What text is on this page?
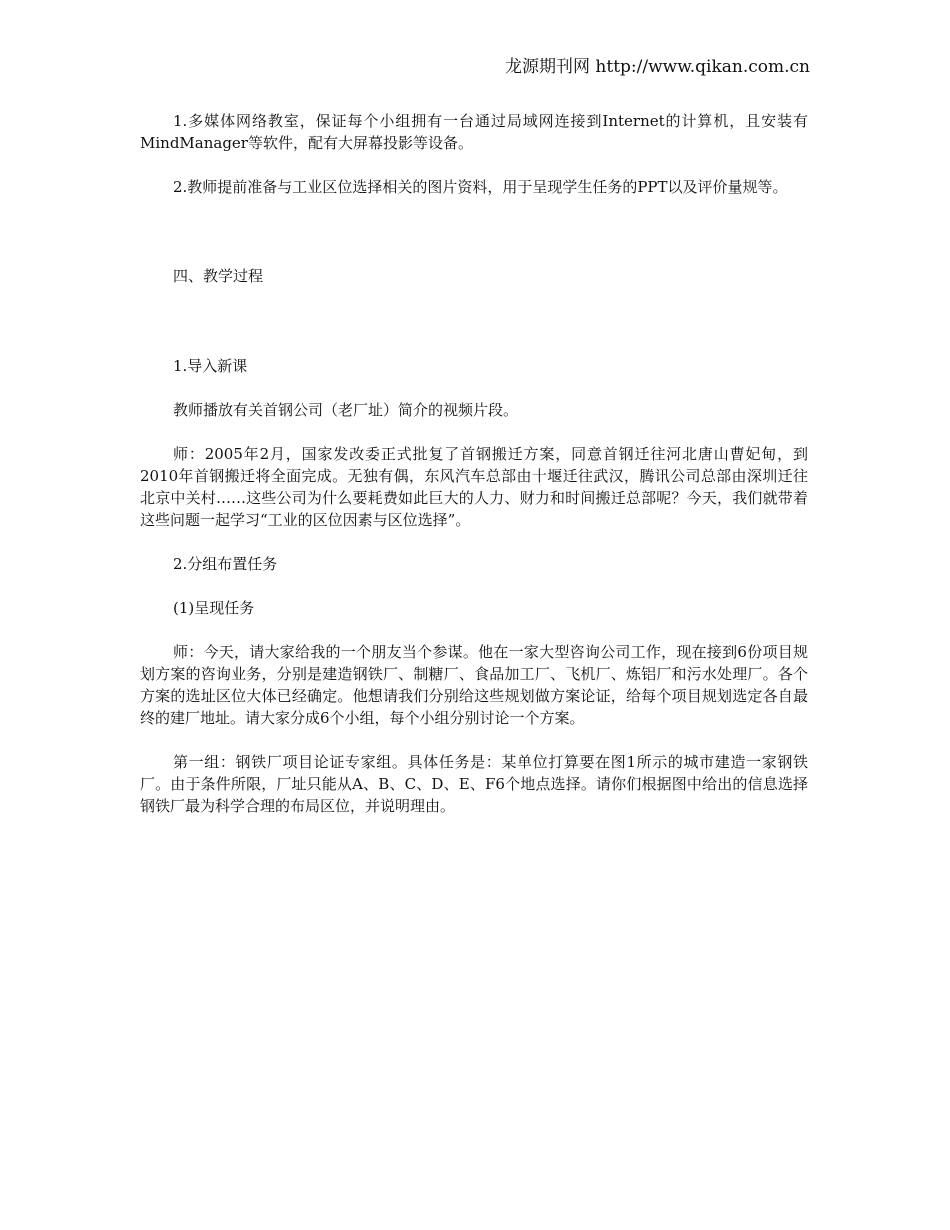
龙源期刊网 http://www.qikan.com.cn

1.多媒体网络教室，保证每个小组拥有一台通过局域网连接到Internet的计算机，且安装有MindManager等软件，配有大屏幕投影等设备。

2.教师提前准备与工业区位选择相关的图片资料，用于呈现学生任务的PPT以及评价量规等。

四、教学过程

1.导入新课

教师播放有关首钢公司（老厂址）简介的视频片段。

师：2005年2月，国家发改委正式批复了首钢搬迁方案，同意首钢迁往河北唐山曹妃甸，到2010年首钢搬迁将全面完成。无独有偶，东风汽车总部由十堰迁往武汉，腾讯公司总部由深圳迁往北京中关村……这些公司为什么要耗费如此巨大的人力、财力和时间搬迁总部呢？今天，我们就带着这些问题一起学习“工业的区位因素与区位选择”。

2.分组布置任务

(1)呈现任务

师：今天，请大家给我的一个朋友当个参谋。他在一家大型咨询公司工作，现在接到6份项目规划方案的咨询业务，分别是建造钢铁厂、制糖厂、食品加工厂、飞机厂、炼铝厂和污水处理厂。各个方案的选址区位大体已经确定。他想请我们分别给这些规划做方案论证，给每个项目规划选定各自最终的建厂地址。请大家分成6个小组，每个小组分别讨论一个方案。

第一组：钢铁厂项目论证专家组。具体任务是：某单位打算要在图1所示的城市建造一家钢铁厂。由于条件所限，厂址只能从A、B、C、D、E、F6个地点选择。请你们根据图中给出的信息选择钢铁厂最为科学合理的布局区位，并说明理由。
